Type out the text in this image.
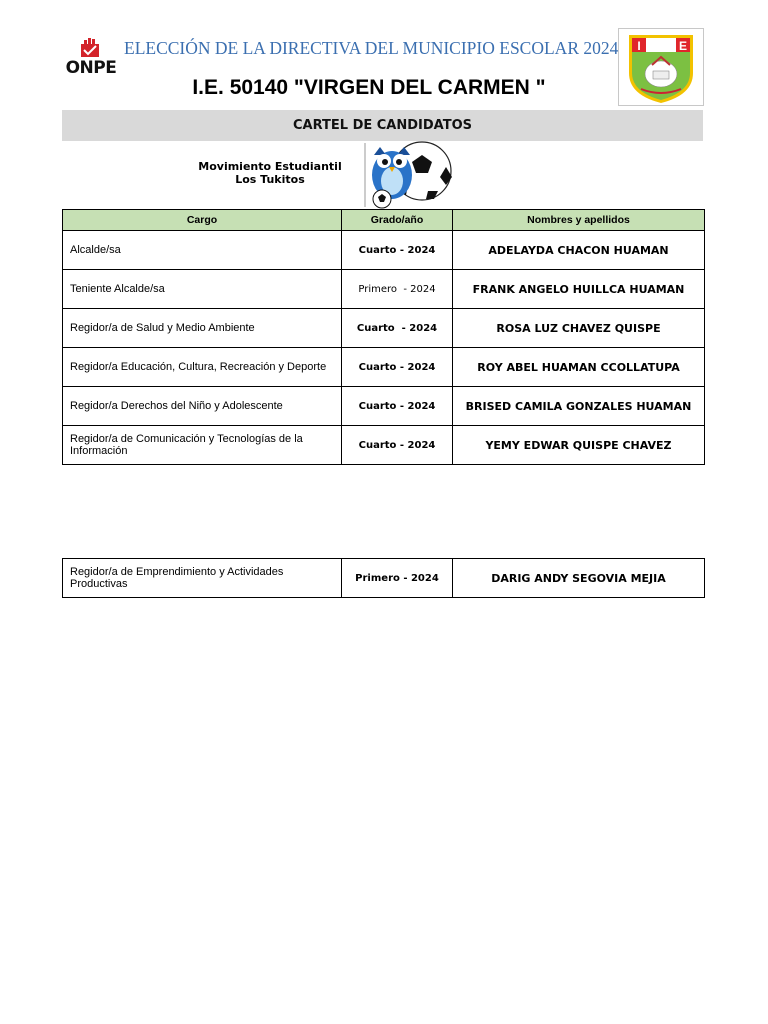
ONPE
ELECCIÓN DE LA DIRECTIVA DEL MUNICIPIO ESCOLAR 2024
I.E. 50140 "VIRGEN DEL CARMEN "
I	E
CARTEL DE CANDIDATOS
Movimiento Estudiantil
Los Tukitos
Cargo	Grado/año	Nombres y apellidos
Alcalde/sa	Cuarto - 2024	ADELAYDA CHACON HUAMAN
Teniente Alcalde/sa	Primero  - 2024	FRANK ANGELO HUILLCA HUAMAN
Regidor/a de Salud y Medio Ambiente	Cuarto  - 2024	ROSA LUZ CHAVEZ QUISPE
Regidor/a Educación, Cultura, Recreación y Deporte	Cuarto - 2024	ROY ABEL HUAMAN CCOLLATUPA
Regidor/a Derechos del Niño y Adolescente	Cuarto - 2024	BRISED CAMILA GONZALES HUAMAN
Regidor/a de Comunicación y Tecnologías de la Información	Cuarto - 2024	YEMY EDWAR QUISPE CHAVEZ
Regidor/a de Emprendimiento y Actividades Productivas	Primero - 2024	DARIG ANDY SEGOVIA MEJIA
